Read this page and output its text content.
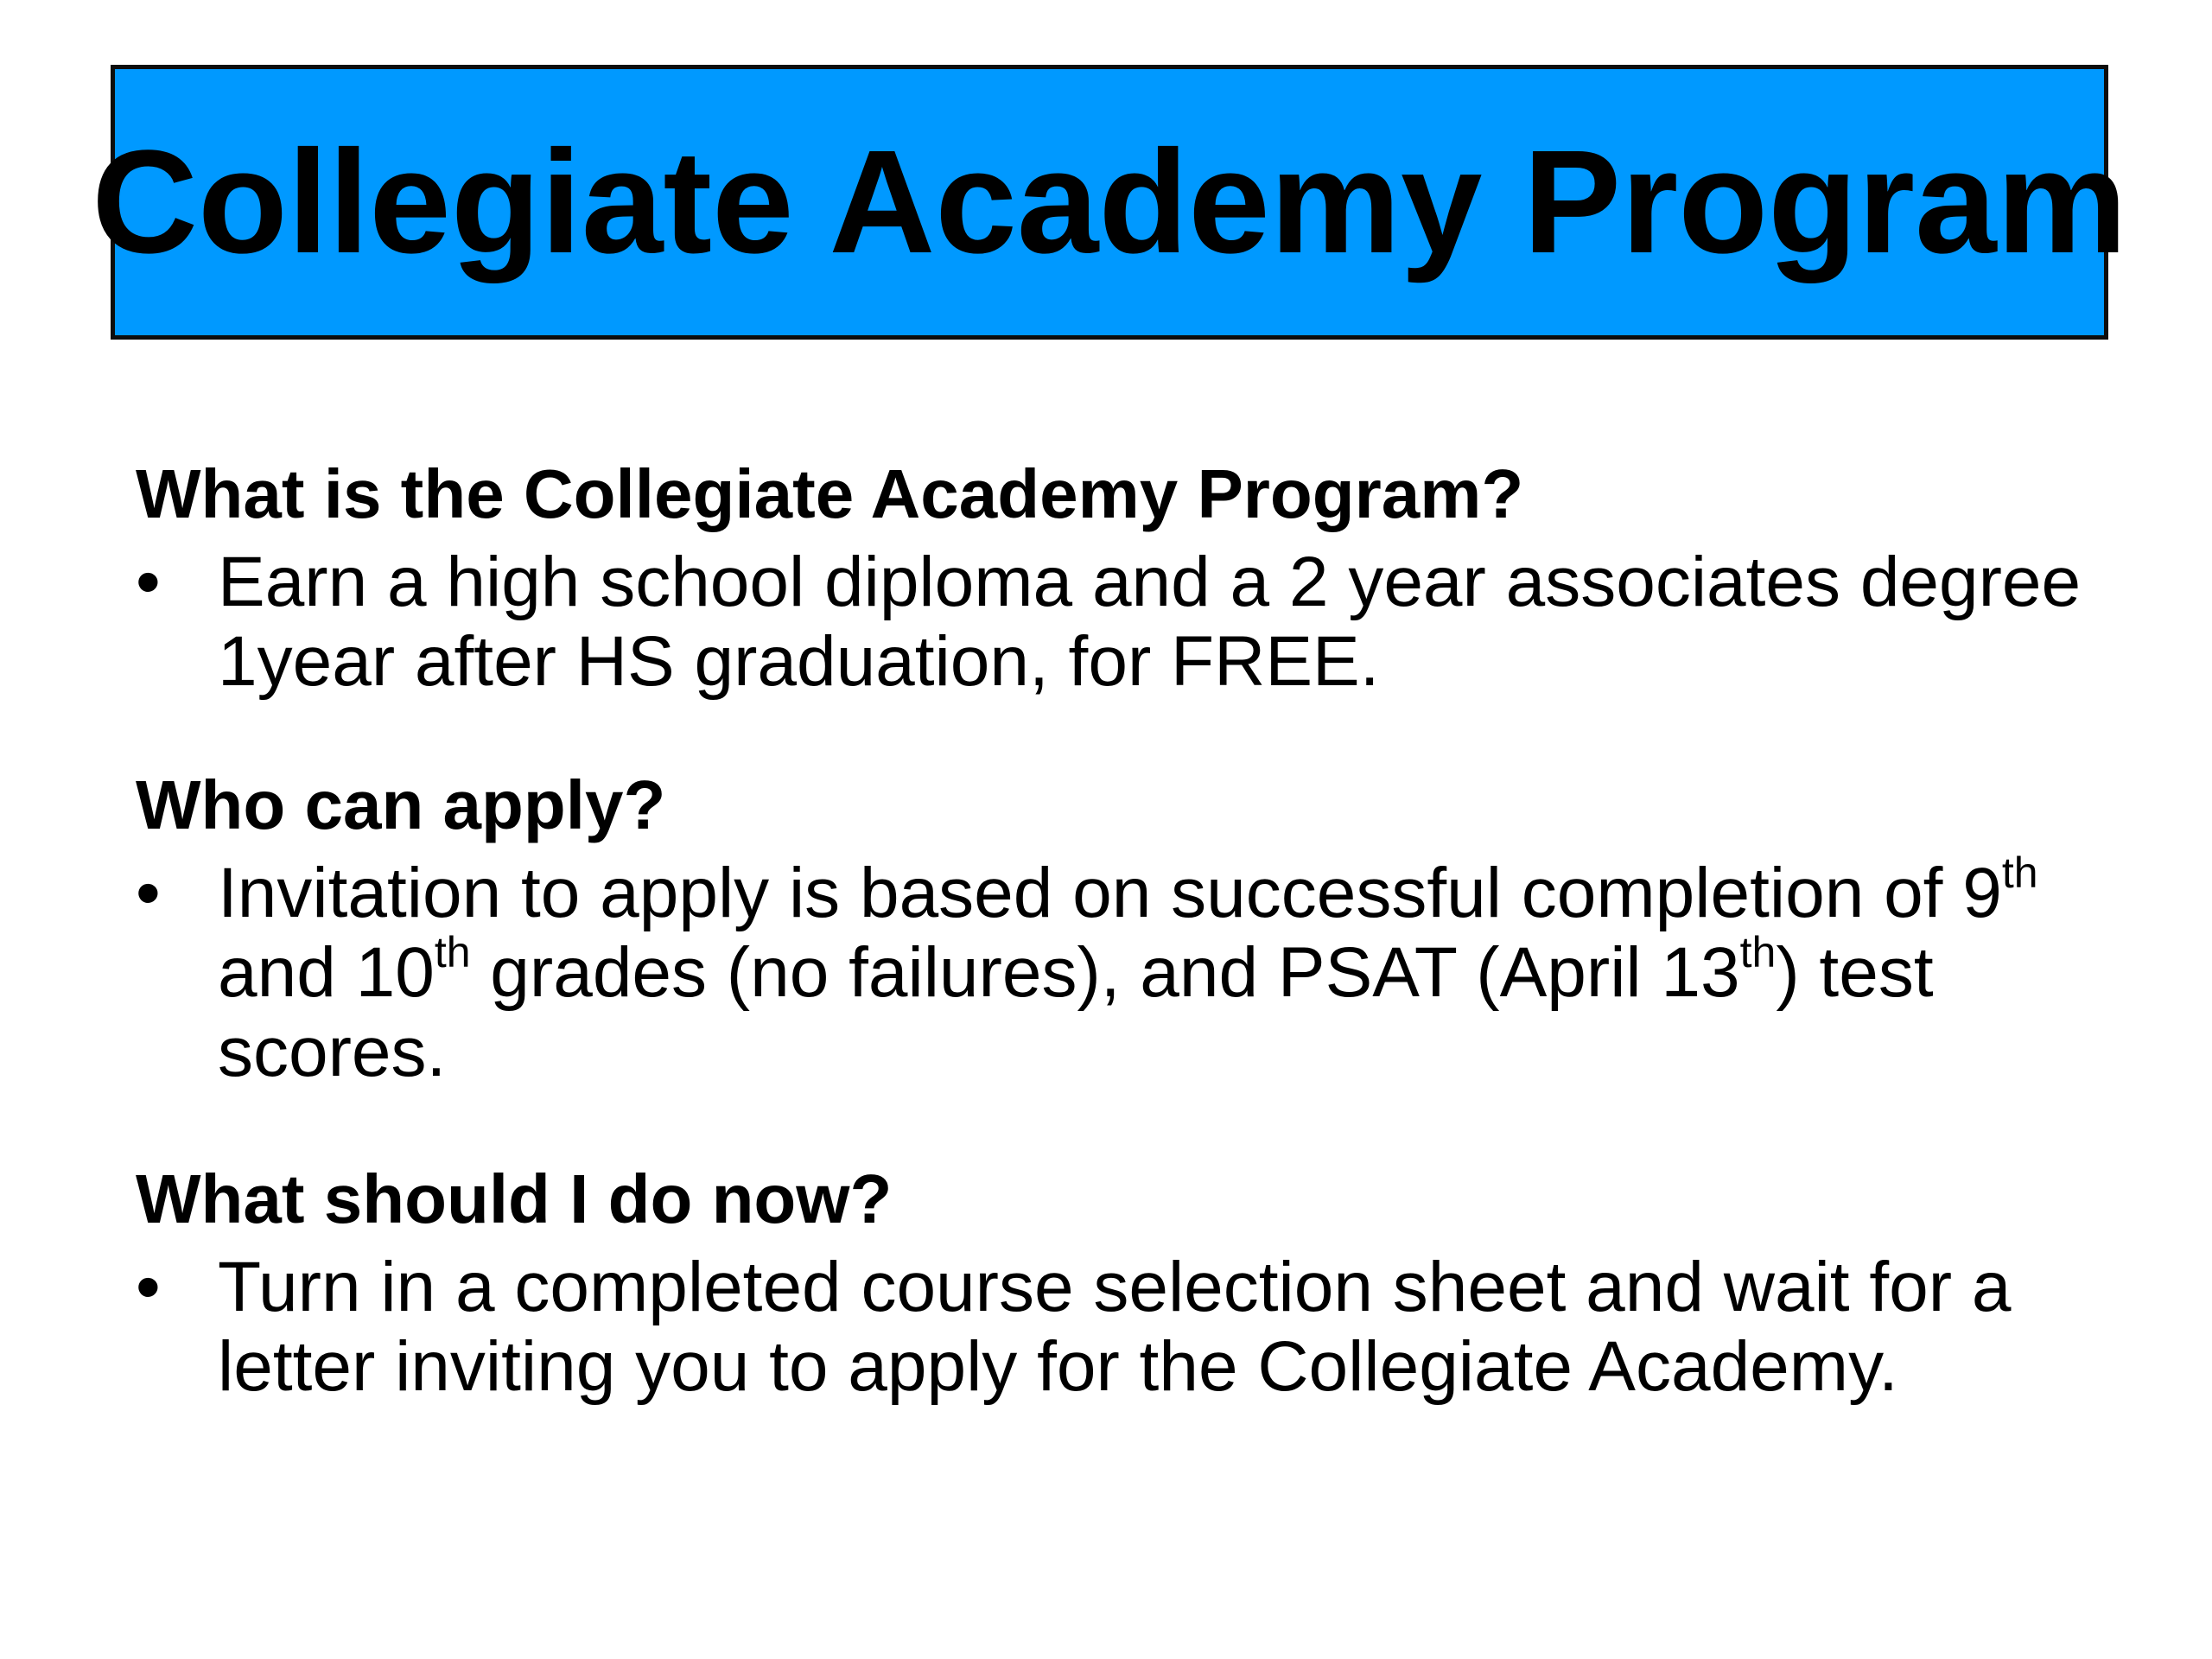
Collegiate Academy Program
What is the Collegiate Academy Program?
• Earn a high school diploma and a 2 year associates degree 1year after HS graduation, for FREE.
Who can apply?
• Invitation to apply is based on successful completion of 9th and 10th grades (no failures), and PSAT (April 13th) test scores.
What should I do now?
• Turn in a completed course selection sheet and wait for a letter inviting you to apply for the Collegiate Academy.
